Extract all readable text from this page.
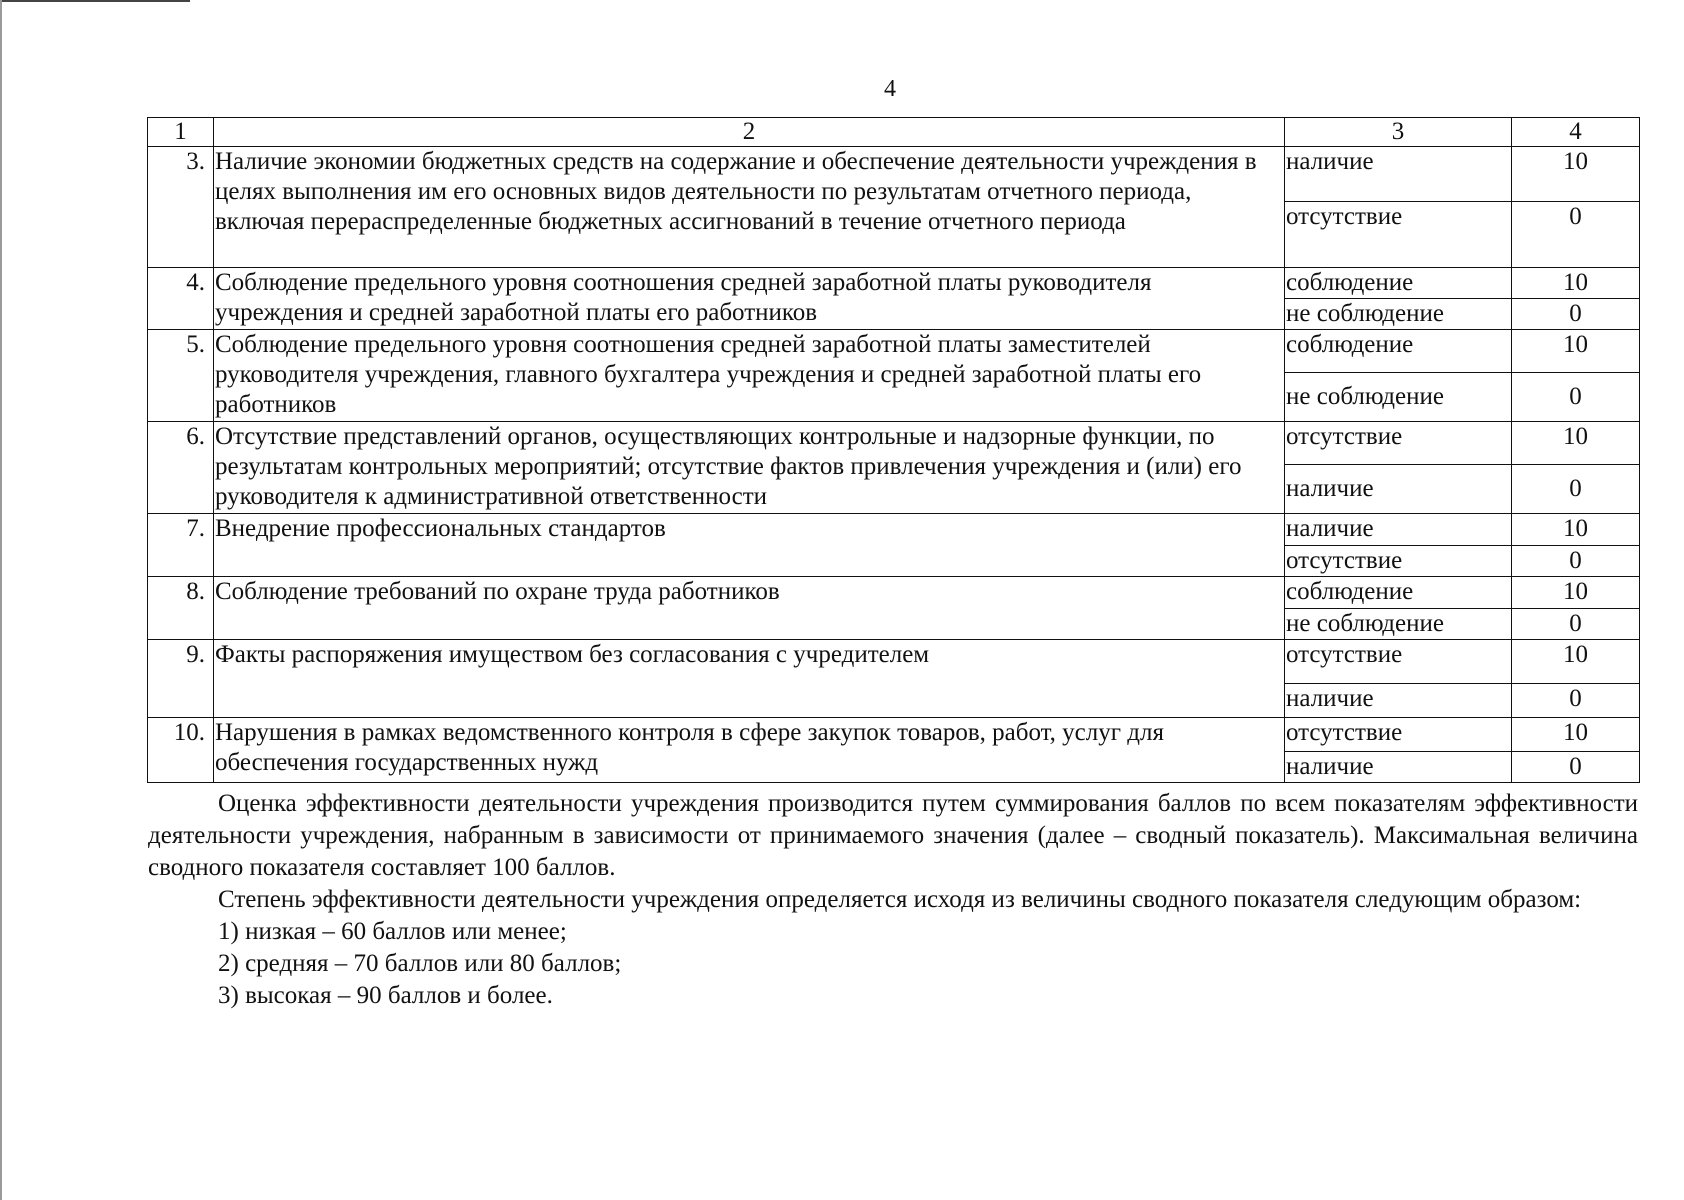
4
1	2	3	4
3.	Наличие экономии бюджетных средств на содержание и обеспечение деятельности учреждения в целях выполнения им его основных видов деятельности по результатам отчетного периода, включая перераспределенные бюджетных ассигнований в течение отчетного периода	наличие	10
		отсутствие	0
4.	Соблюдение предельного уровня соотношения средней заработной платы руководителя учреждения и средней заработной платы его работников	соблюдение	10
		не соблюдение	0
5.	Соблюдение предельного уровня соотношения средней заработной платы заместителей руководителя учреждения, главного бухгалтера учреждения и средней заработной платы его работников	соблюдение	10
		не соблюдение	0
6.	Отсутствие представлений органов, осуществляющих контрольные и надзорные функции, по результатам контрольных мероприятий; отсутствие фактов привлечения учреждения и (или) его руководителя к административной ответственности	отсутствие	10
		наличие	0
7.	Внедрение профессиональных стандартов	наличие	10
		отсутствие	0
8.	Соблюдение требований по охране труда работников	соблюдение	10
		не соблюдение	0
9.	Факты распоряжения имуществом без согласования с учредителем	отсутствие	10
		наличие	0
10.	Нарушения в рамках ведомственного контроля в сфере закупок товаров, работ, услуг для обеспечения государственных нужд	отсутствие	10
		наличие	0

Оценка эффективности деятельности учреждения производится путем суммирования баллов по всем показателям эффективности деятельности учреждения, набранным в зависимости от принимаемого значения (далее – сводный показатель). Максимальная величина сводного показателя составляет 100 баллов.

Степень эффективности деятельности учреждения определяется исходя из величины сводного показателя следующим образом:

1) низкая – 60 баллов или менее;

2) средняя – 70 баллов или 80 баллов;

3) высокая – 90 баллов и более.
